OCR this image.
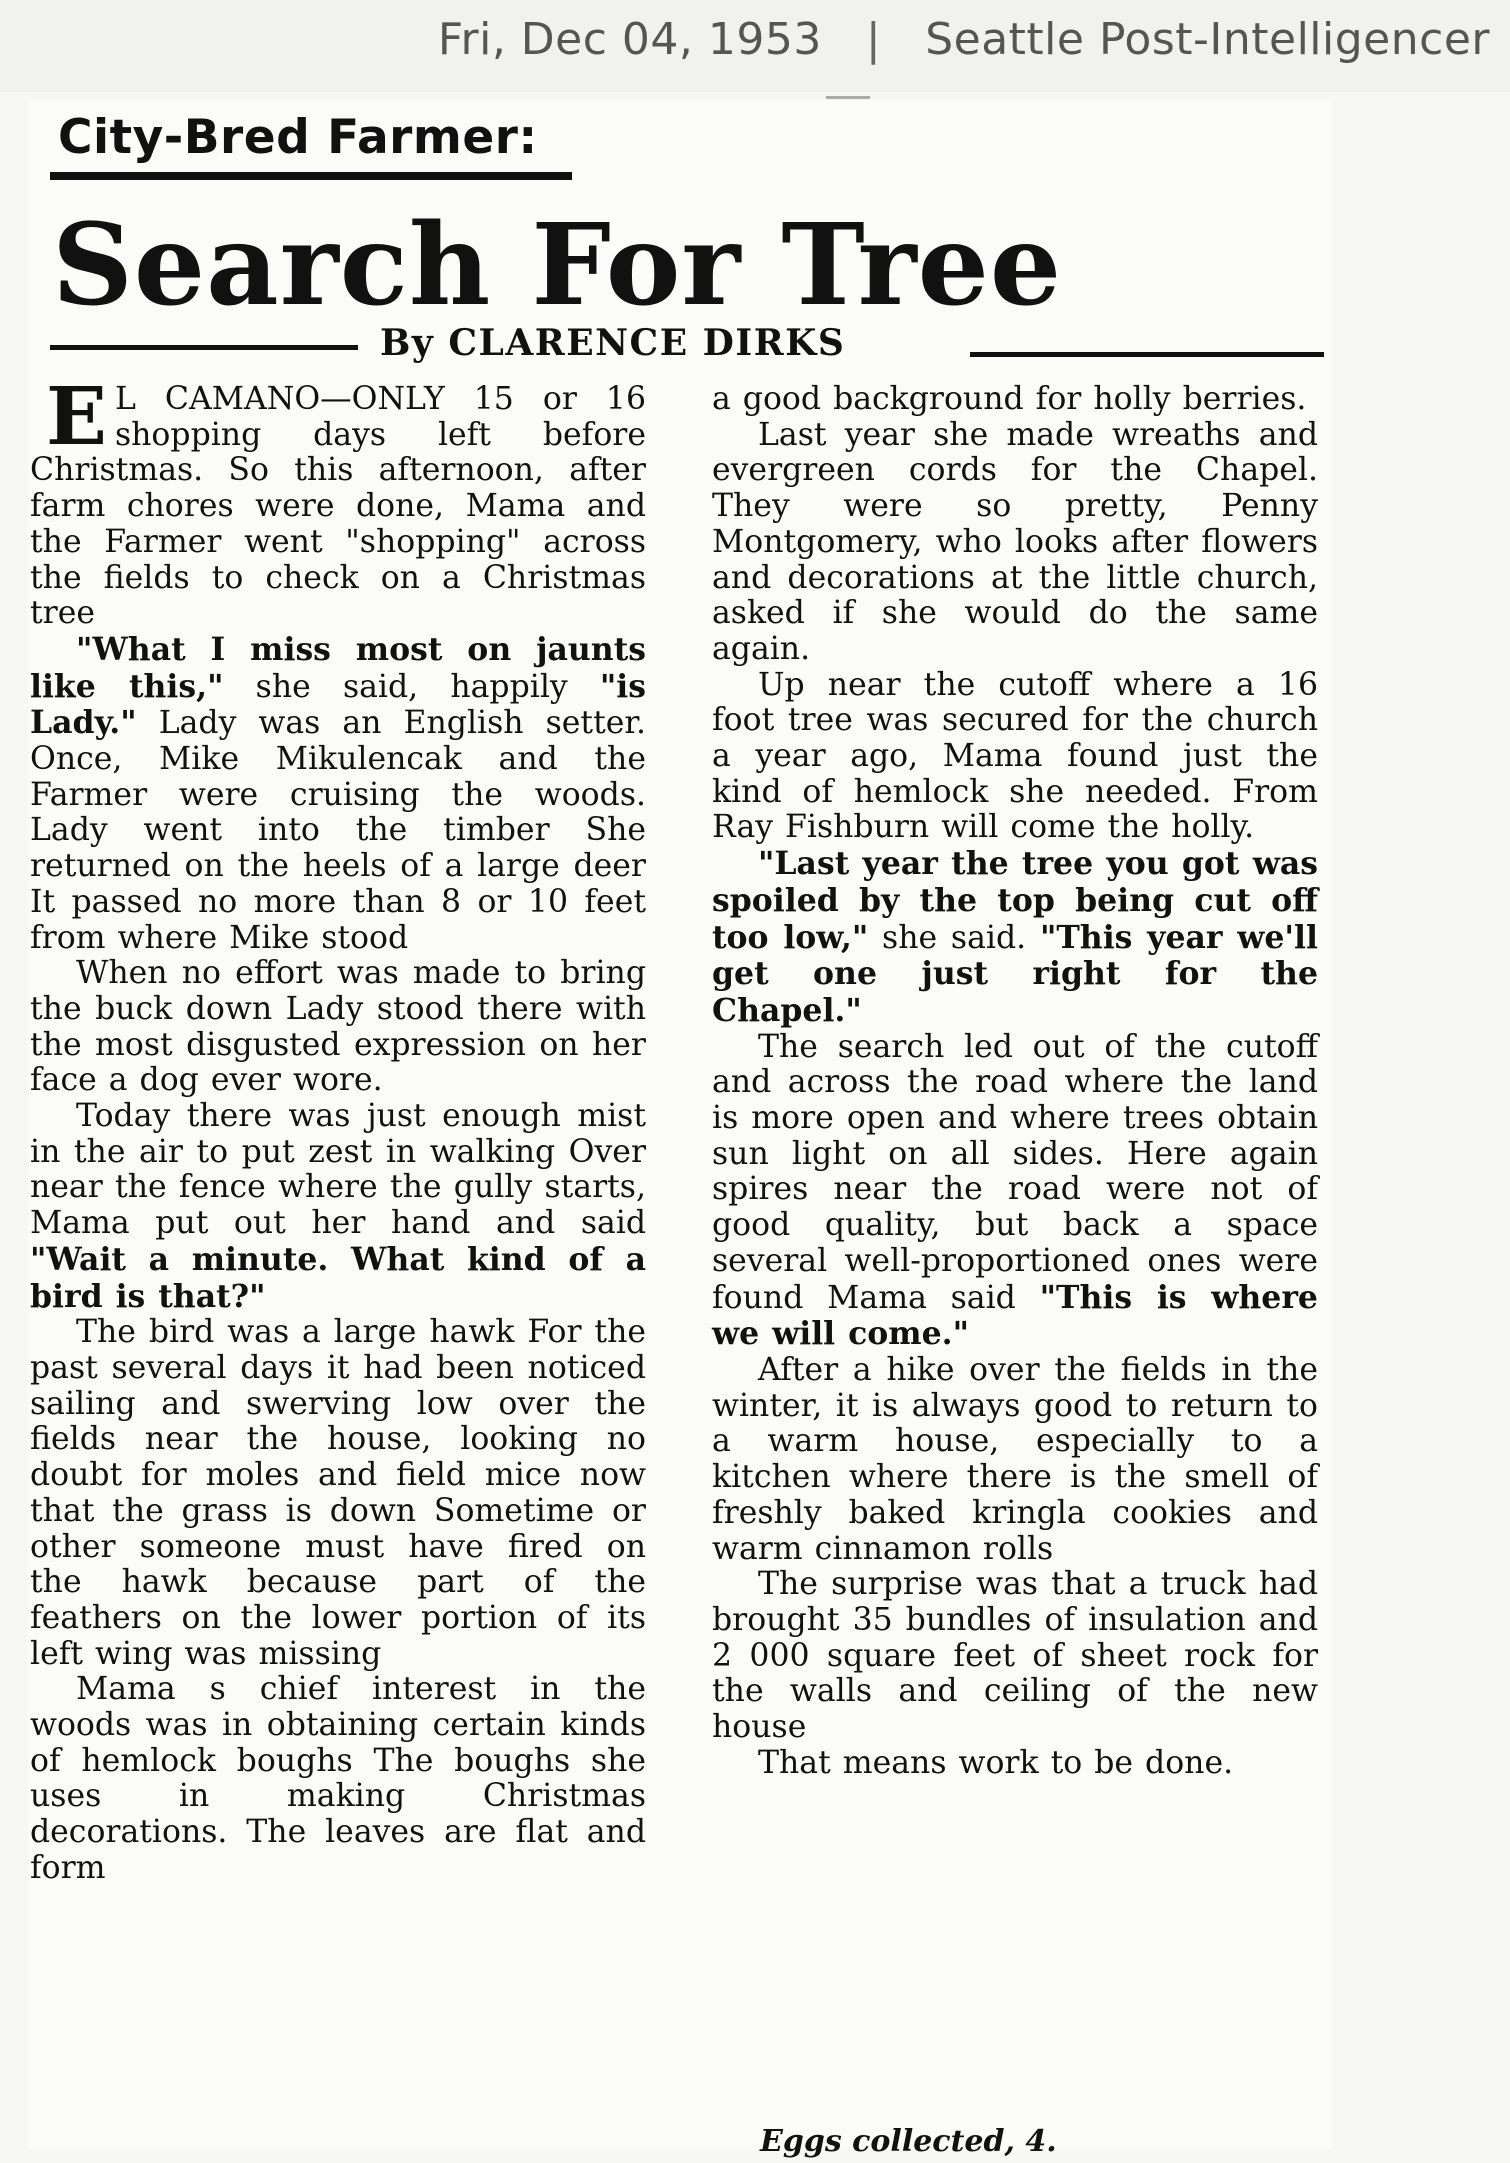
Fri, Dec 04, 1953 | Seattle Post-Intelligencer
City-Bred Farmer:
Search For Tree
By CLARENCE DIRKS

E L CAMANO—ONLY 15 or 16 shopping days left before Christmas. So this afternoon, after farm chores were done, Mama and the Farmer went "shopping" across the fields to check on a Christmas tree

"What I miss most on jaunts like this," she said, happily "is Lady." Lady was an English setter. Once, Mike Mikulencak and the Farmer were cruising the woods. Lady went into the timber She returned on the heels of a large deer It passed no more than 8 or 10 feet from where Mike stood

When no effort was made to bring the buck down Lady stood there with the most disgusted expression on her face a dog ever wore.

Today there was just enough mist in the air to put zest in walking Over near the fence where the gully starts, Mama put out her hand and said "Wait a minute. What kind of a bird is that?"

The bird was a large hawk For the past several days it had been noticed sailing and swerving low over the fields near the house, looking no doubt for moles and field mice now that the grass is down Sometime or other someone must have fired on the hawk because part of the feathers on the lower portion of its left wing was missing

Mama s chief interest in the woods was in obtaining certain kinds of hemlock boughs The boughs she uses in making Christmas decorations. The leaves are flat and form

a good background for holly berries.

Last year she made wreaths and evergreen cords for the Chapel. They were so pretty, Penny Montgomery, who looks after flowers and decorations at the little church, asked if she would do the same again.

Up near the cutoff where a 16 foot tree was secured for the church a year ago, Mama found just the kind of hemlock she needed. From Ray Fishburn will come the holly.

"Last year the tree you got was spoiled by the top being cut off too low," she said. "This year we'll get one just right for the Chapel."

The search led out of the cutoff and across the road where the land is more open and where trees obtain sun light on all sides. Here again spires near the road were not of good quality, but back a space several well-proportioned ones were found Mama said "This is where we will come."

After a hike over the fields in the winter, it is always good to return to a warm house, especially to a kitchen where there is the smell of freshly baked kringla cookies and warm cinnamon rolls

The surprise was that a truck had brought 35 bundles of insulation and 2 000 square feet of sheet rock for the walls and ceiling of the new house

That means work to be done.

Eggs collected, 4.
